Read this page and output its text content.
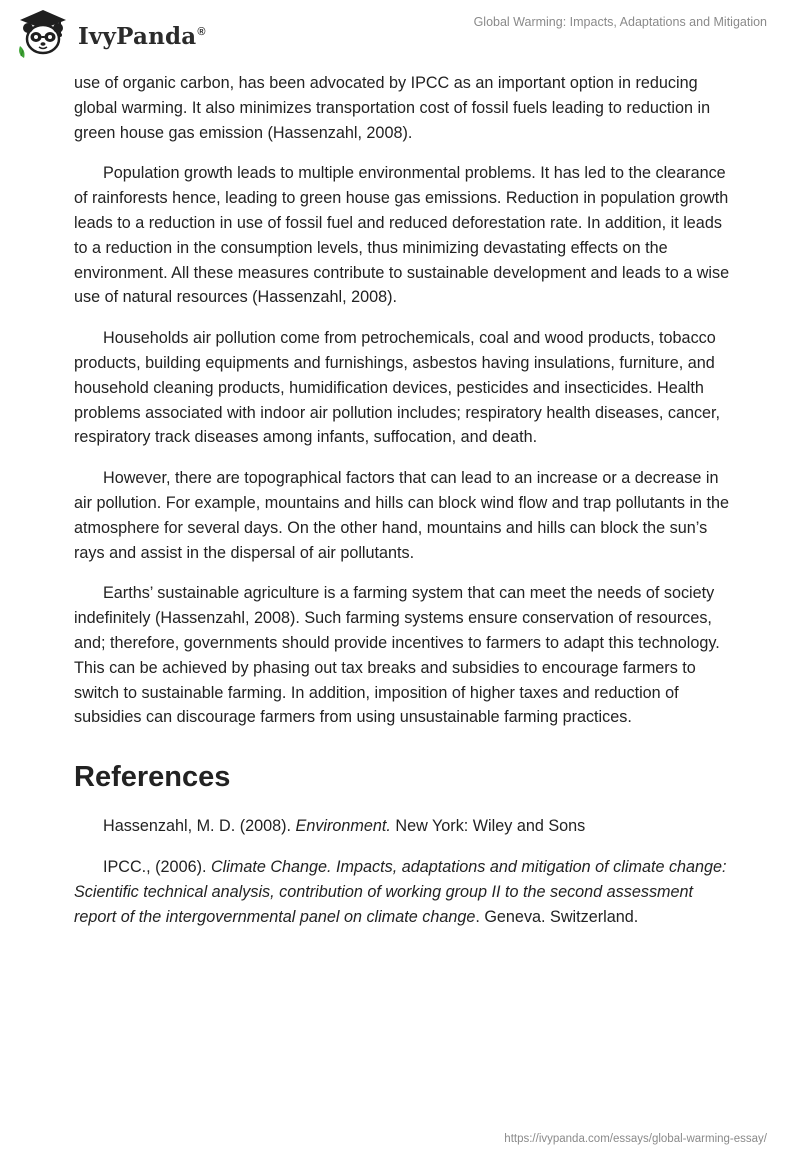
IvyPanda®
Global Warming: Impacts, Adaptations and Mitigation

use of organic carbon, has been advocated by IPCC as an important option in reducing global warming. It also minimizes transportation cost of fossil fuels leading to reduction in green house gas emission (Hassenzahl, 2008).

Population growth leads to multiple environmental problems. It has led to the clearance of rainforests hence, leading to green house gas emissions. Reduction in population growth leads to a reduction in use of fossil fuel and reduced deforestation rate. In addition, it leads to a reduction in the consumption levels, thus minimizing devastating effects on the environment. All these measures contribute to sustainable development and leads to a wise use of natural resources (Hassenzahl, 2008).

Households air pollution come from petrochemicals, coal and wood products, tobacco products, building equipments and furnishings, asbestos having insulations, furniture, and household cleaning products, humidification devices, pesticides and insecticides. Health problems associated with indoor air pollution includes; respiratory health diseases, cancer, respiratory track diseases among infants, suffocation, and death.

However, there are topographical factors that can lead to an increase or a decrease in air pollution. For example, mountains and hills can block wind flow and trap pollutants in the atmosphere for several days. On the other hand, mountains and hills can block the sun’s rays and assist in the dispersal of air pollutants.

Earths’ sustainable agriculture is a farming system that can meet the needs of society indefinitely (Hassenzahl, 2008). Such farming systems ensure conservation of resources, and; therefore, governments should provide incentives to farmers to adapt this technology. This can be achieved by phasing out tax breaks and subsidies to encourage farmers to switch to sustainable farming. In addition, imposition of higher taxes and reduction of subsidies can discourage farmers from using unsustainable farming practices.

References

Hassenzahl, M. D. (2008). Environment. New York: Wiley and Sons

IPCC., (2006). Climate Change. Impacts, adaptations and mitigation of climate change: Scientific technical analysis, contribution of working group II to the second assessment report of the intergovernmental panel on climate change. Geneva. Switzerland.

https://ivypanda.com/essays/global-warming-essay/
